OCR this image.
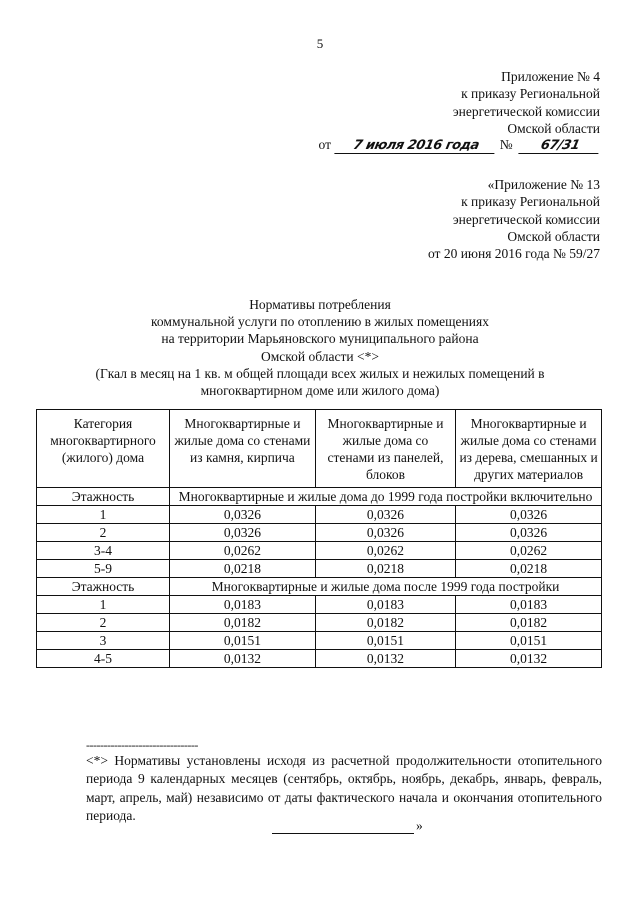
5
Приложение № 4
к приказу Региональной
энергетической комиссии
Омской области
от 7 июля 2016 года № 67/31
«Приложение № 13
к приказу Региональной
энергетической комиссии
Омской области
от 20 июня 2016 года № 59/27
Нормативы потребления
коммунальной услуги по отоплению в жилых помещениях
на территории Марьяновского муниципального района
Омской области <*>
(Гкал в месяц на 1 кв. м общей площади всех жилых и нежилых помещений в
многоквартирном доме или жилого дома)
Категория многоквартирного (жилого) дома	Многоквартирные и жилые дома со стенами из камня, кирпича	Многоквартирные и жилые дома со стенами из панелей, блоков	Многоквартирные и жилые дома со стенами из дерева, смешанных и других материалов
Этажность	Многоквартирные и жилые дома до 1999 года постройки включительно		
1	0,0326	0,0326	0,0326
2	0,0326	0,0326	0,0326
3-4	0,0262	0,0262	0,0262
5-9	0,0218	0,0218	0,0218
Этажность	Многоквартирные и жилые дома после 1999 года постройки		
1	0,0183	0,0183	0,0183
2	0,0182	0,0182	0,0182
3	0,0151	0,0151	0,0151
4-5	0,0132	0,0132	0,0132
--------------------------------
<*> Нормативы установлены исходя из расчетной продолжительности отопительного периода 9 календарных месяцев (сентябрь, октябрь, ноябрь, декабрь, январь, февраль, март, апрель, май) независимо от даты фактического начала и окончания отопительного периода.
»
